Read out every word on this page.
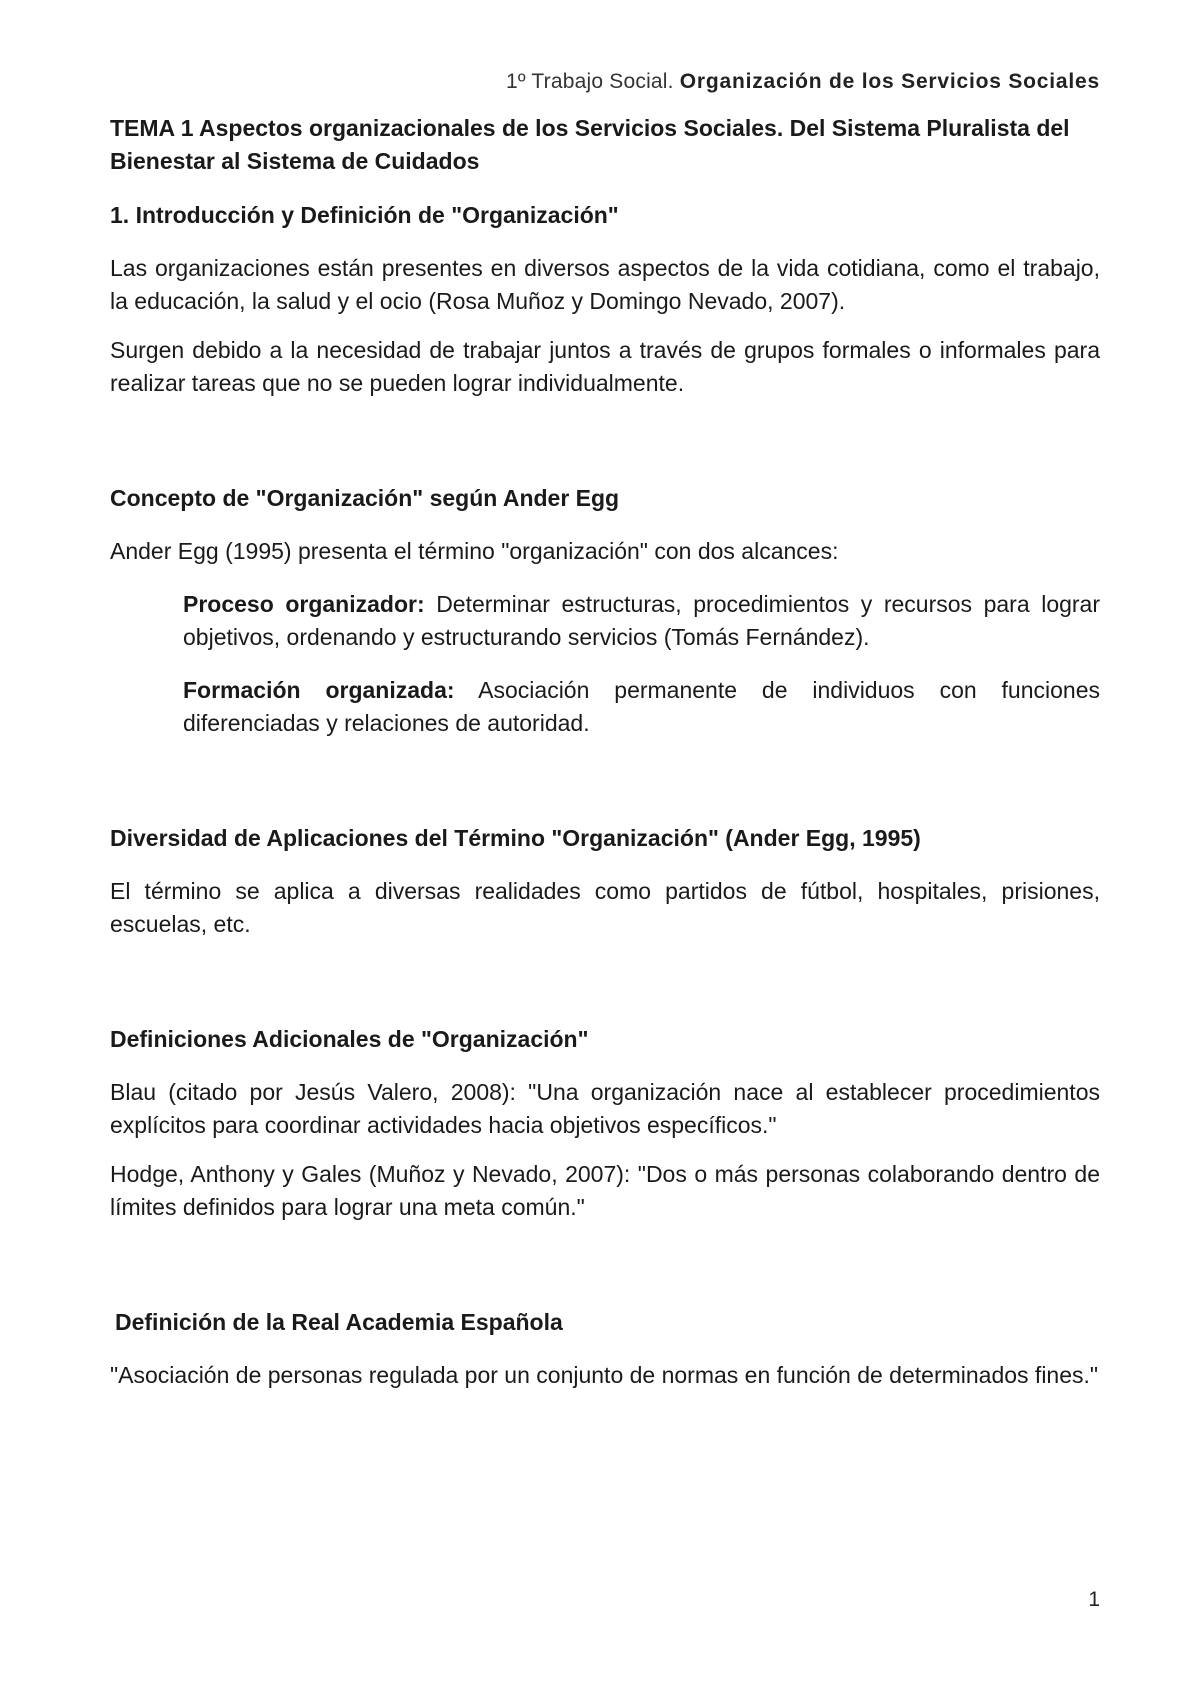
1º Trabajo Social. Organización de los Servicios Sociales

TEMA 1 Aspectos organizacionales de los Servicios Sociales. Del Sistema Pluralista del Bienestar al Sistema de Cuidados

1. Introducción y Definición de "Organización"

Las organizaciones están presentes en diversos aspectos de la vida cotidiana, como el trabajo, la educación, la salud y el ocio (Rosa Muñoz y Domingo Nevado, 2007).

Surgen debido a la necesidad de trabajar juntos a través de grupos formales o informales para realizar tareas que no se pueden lograr individualmente.

Concepto de "Organización" según Ander Egg

Ander Egg (1995) presenta el término "organización" con dos alcances:

Proceso organizador: Determinar estructuras, procedimientos y recursos para lograr objetivos, ordenando y estructurando servicios (Tomás Fernández).

Formación organizada: Asociación permanente de individuos con funciones diferenciadas y relaciones de autoridad.

Diversidad de Aplicaciones del Término "Organización" (Ander Egg, 1995)

El término se aplica a diversas realidades como partidos de fútbol, hospitales, prisiones, escuelas, etc.

Definiciones Adicionales de "Organización"

Blau (citado por Jesús Valero, 2008): "Una organización nace al establecer procedimientos explícitos para coordinar actividades hacia objetivos específicos."

Hodge, Anthony y Gales (Muñoz y Nevado, 2007): "Dos o más personas colaborando dentro de límites definidos para lograr una meta común."

Definición de la Real Academia Española

"Asociación de personas regulada por un conjunto de normas en función de determinados fines."

1
